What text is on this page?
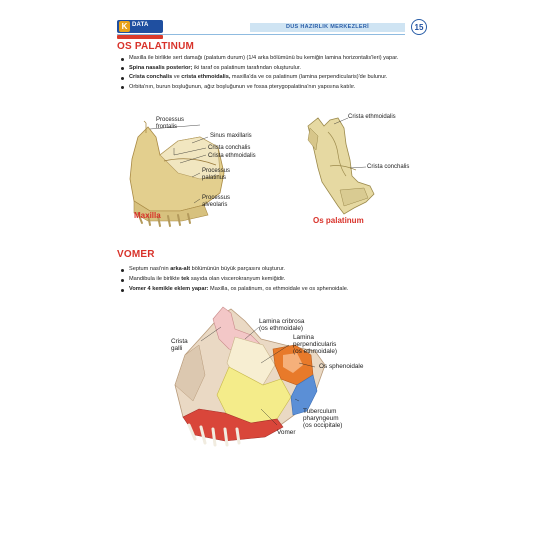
K DATA	DUS HAZIRLIK MERKEZLERİ	15
OS PALATINUM
Maxilla ile birlikte sert damağı (palatum durum) (1/4 arka bölümünü bu kemiğin lamina horizontalis'leri) yapar.
Spina nasalis posterior; iki taraf os palatinum tarafından oluşturulur.
Crista conchalis ve crista ethmoidalis, maxilla'da ve os palatinum (lamina perpendicularis)'de bulunur.
Orbita'nın, burun boşluğunun, ağız boşluğunun ve fossa pterygopalatina'nın yapısına katılır.
Processus
frontalis
Sinus maxillaris
Crista conchalis
Crista ethmoidalis
Processus
palatinus
Processus
alveolaris
Maxilla
Crista ethmoidalis
Crista conchalis
Os palatinum
VOMER
Septum nasi'nin arka-alt bölümünün büyük parçasını oluşturur.
Mandibula ile birlikte tek sayıda olan viscerokranyum kemiğidir.
Vomer 4 kemikle eklem yapar: Maxilla, os palatinum, os ethmoidale ve os sphenoidale.
Crista
galli
Lamina cribrosa
(os ethmoidale)
Lamina
perpendicularis
(os ethmoidale)
Os sphenoidale
Tuberculum
pharyngeum
(os occipitale)
Vomer
